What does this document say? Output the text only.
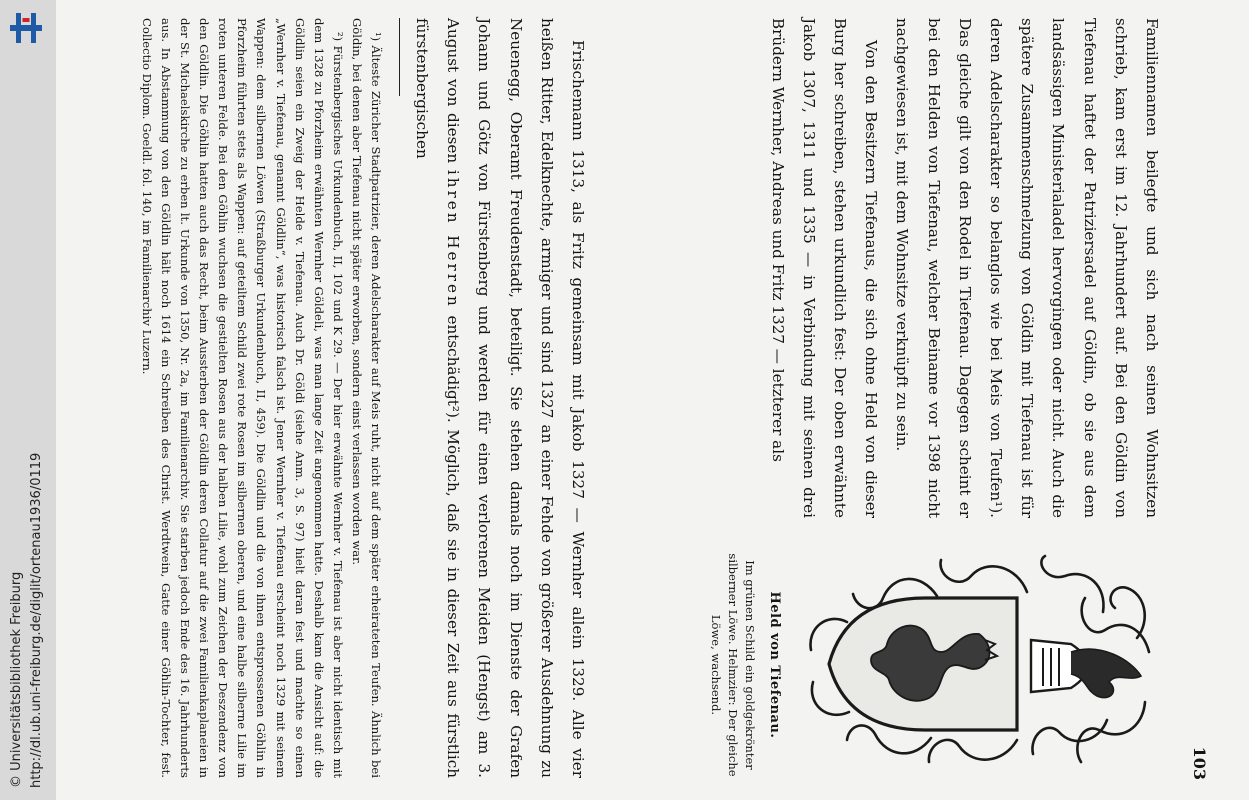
http://dl.ub.uni-freiburg.de/diglit/ortenau1936/0119
© Universitätsbibliothek Freiburg	103

Familiennamen beilegte und sich nach seinen Wohnsitzen schrieb, kam erst im 12. Jahrhundert auf. Bei den Göldin von Tiefenau haftet der Patriziersadel auf Göldin, ob sie aus dem landsässigen Ministerialadel hervorgingen oder nicht. Auch die spätere Zusammenschmelzung von Göldin mit Tiefenau ist für deren Adelscharakter so belanglos wie bei Meis von Teufen¹). Das gleiche gilt von den Rodel in Tiefenau. Dagegen scheint er bei den Helden von Tiefenau, welcher Beiname vor 1398 nicht nachgewiesen ist, mit dem Wohnsitze verknüpft zu sein.

Von den Besitzern Tiefenaus, die sich ohne Held von dieser Burg her schreiben, stehen urkundlich fest: Der oben erwähnte Jakob 1307, 1311 und 1335 — in Verbindung mit seinen drei Brüdern Wernher, Andreas und Fritz 1327 — letzterer als

Held von Tiefenau.
Im grünen Schild ein goldgekrönter silberner Löwe. Helmzier: Der gleiche Löwe, wachsend.

Frischemann 1313, als Fritz gemeinsam mit Jakob 1327 — Wernher allein 1329. Alle vier heißen Ritter, Edelknechte, armiger und sind 1327 an einer Fehde von größerer Ausdehnung zu Neuenegg, Oberamt Freudenstadt, beteiligt. Sie stehen damals noch im Dienste der Grafen Johann und Götz von Fürstenberg und werden für einen verlorenen Meiden (Hengst) am 3. August von diesen ihren Herren entschädigt²). Möglich, daß sie in dieser Zeit aus fürstlich fürstenbergischen

¹) Älteste Züricher Stadtpatrizier, deren Adelscharakter auf Meis ruht, nicht auf dem später erheirateten Teufen. Ähnlich bei Göldin, bei denen aber Tiefenau nicht später erworben, sondern einst verlassen worden war.

²) Fürstenbergisches Urkundenbuch, II, 102 und K 29. — Der hier erwähnte Wernher v. Tiefenau ist aber nicht identisch mit dem 1328 zu Pforzheim erwähnten Wernher Göldeli, was man lange Zeit angenommen hatte. Deshalb kam die Ansicht auf: die Göldlin seien ein Zweig der Helde v. Tiefenau. Auch Dr. Göldi (siehe Anm. 3, S. 97) hielt daran fest und machte so einen „Wernher v. Tiefenau, genannt Göldlin“, was historisch falsch ist. Jener Wernher v. Tiefenau erscheint noch 1329 mit seinem Wappen: dem silbernen Löwen (Straßburger Urkundenbuch, II, 459). Die Göldlin und die von ihnen entsprossenen Göhlin in Pforzheim führten stets als Wappen: auf geteiltem Schild zwei rote Rosen im silbernen oberen, und eine halbe silberne Lilie im roten unteren Felde. Bei den Göhlin wuchsen die gestielten Rosen aus der halben Lilie, wohl zum Zeichen der Deszendenz von den Göldlin. Die Göhlin hatten auch das Recht, beim Aussterben der Göldlin deren Collatur auf die zwei Familienkaplaneien in der St. Michaelskirche zu erben lt. Urkunde von 1350, Nr. 2a, im Familienarchiv. Sie starben jedoch Ende des 16. Jahrhunderts aus. In Abstammung von den Göldlin hält noch 1614 ein Schreiben des Christ. Werdtwein, Gatte einer Göhlin-Tochter, fest. Collectio Diplom. Goeldl. fol. 140, im Familienarchiv Luzern.
